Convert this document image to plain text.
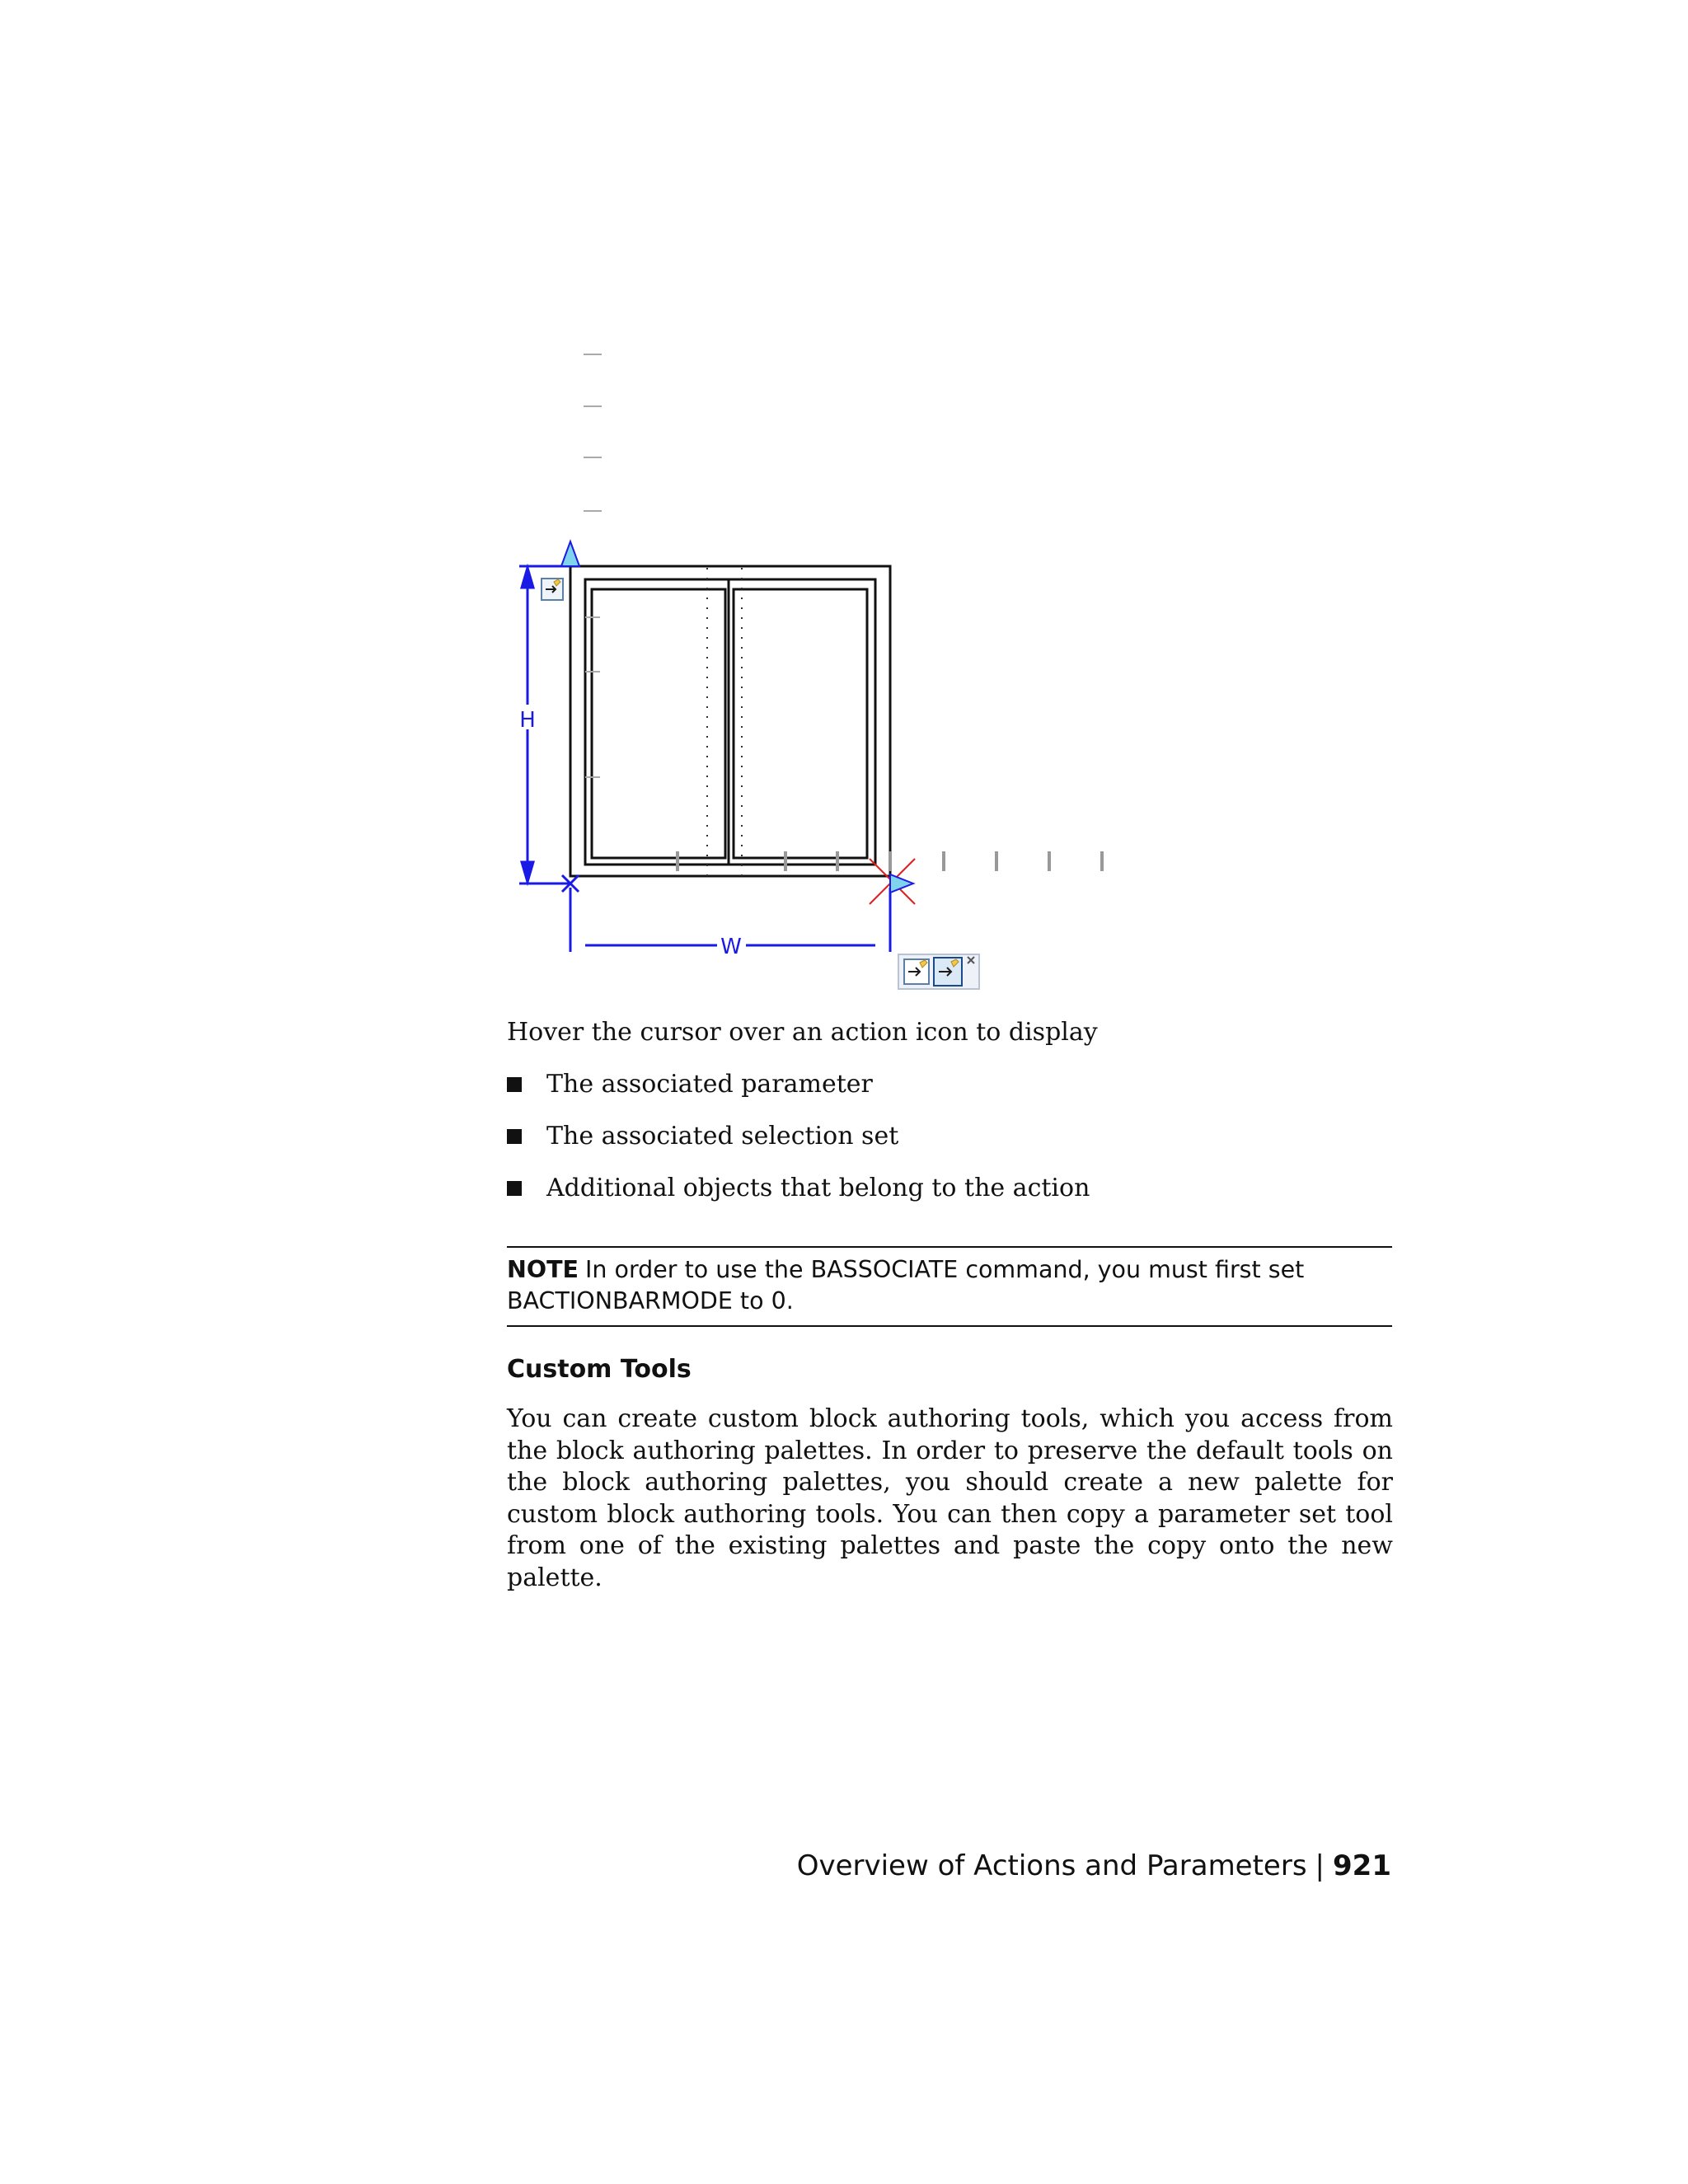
H
W

Hover the cursor over an action icon to display

The associated parameter
The associated selection set
Additional objects that belong to the action
NOTE In order to use the BASSOCIATE command, you must first set BACTIONBARMODE to 0.
Custom Tools

You can create custom block authoring tools, which you access from the block authoring palettes. In order to preserve the default tools on the block authoring palettes, you should create a new palette for custom block authoring tools. You can then copy a parameter set tool from one of the existing palettes and paste the copy onto the new palette.

Overview of Actions and Parameters | 921
